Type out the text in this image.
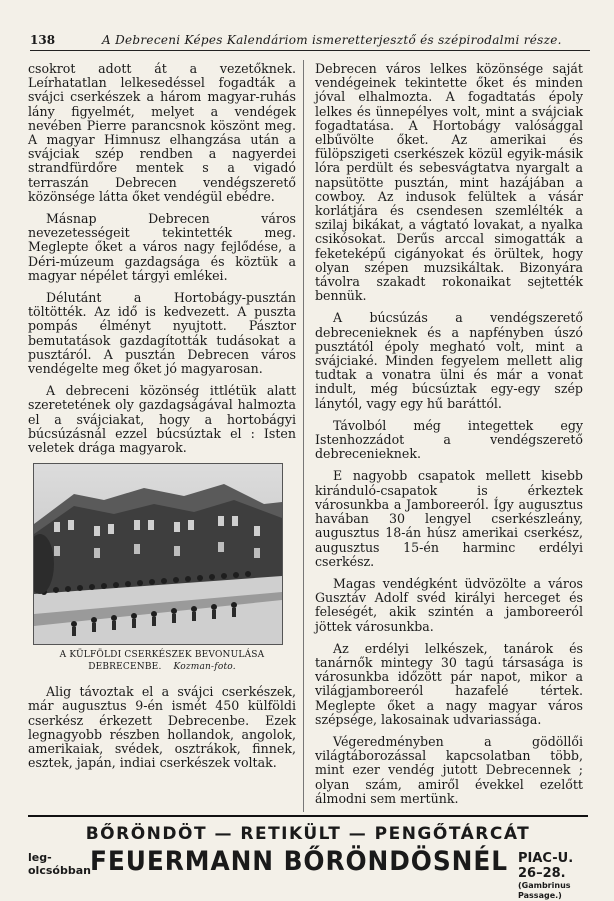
138	A Debreceni Képes Kalendáriom ismeretterjesztő és szépirodalmi része.

csokrot adott át a vezetőknek. Leírhatatlan lelkesedéssel fogadták a svájci cserkészek a három magyar-ruhás lány figyelmét, melyet a vendégek nevében Pierre parancsnok köszönt meg. A magyar Himnusz elhangzása után a svájciak szép rendben a nagyerdei strandfürdőre mentek s a vigadó terraszán Debrecen vendégszerető közönsége látta őket vendégül ebédre.

Másnap Debrecen város nevezetességeit tekintették meg. Meglepte őket a város nagy fejlődése, a Déri-múzeum gazdagsága és köztük a magyar népélet tárgyi emlékei.

Délutánt a Hortobágy-pusztán töltötték. Az idő is kedvezett. A puszta pompás élményt nyujtott. Pásztor bemutatások gazdagították tudásokat a pusztáról. A pusztán Debrecen város vendégelte meg őket jó magyarosan.

A debreceni közönség ittlétük alatt szeretetének oly gazdagságával halmozta el a svájciakat, hogy a hortobágyi búcsúzásnál ezzel búcsúztak el : Isten veletek drága magyarok.

A KÜLFÖLDI CSERKÉSZEK BEVONULÁSA
DEBRECENBE. Kozman-foto.

Alig távoztak el a svájci cserkészek, már augusztus 9-én ismét 450 külföldi cserkész érkezett Debrecenbe. Ezek legnagyobb részben hollandok, angolok, amerikaiak, svédek, osztrákok, finnek, esztek, japán, indiai cserkészek voltak.

Debrecen város lelkes közönsége saját vendégeinek tekintette őket és minden jóval elhalmozta. A fogadtatás époly lelkes és ünnepélyes volt, mint a svájciak fogadtatása. A Hortobágy valósággal elbűvölte őket. Az amerikai és fülöpszigeti cserkészek közül egyik-másik lóra perdült és sebesvágtatva nyargalt a napsütötte pusztán, mint hazájában a cowboy. Az indusok felültek a vásár korlátjára és csendesen szemlélték a szilaj bikákat, a vágtató lovakat, a nyalka csikósokat. Derűs arccal simogatták a feketeképű cigányokat és örültek, hogy olyan szépen muzsikáltak. Bizonyára távolra szakadt rokonaikat sejtették bennük.

A búcsúzás a vendégszerető debrecenieknek és a napfényben úszó pusztától époly megható volt, mint a svájciaké. Minden fegyelem mellett alig tudtak a vonatra ülni és már a vonat indult, még búcsúztak egy-egy szép lánytól, vagy egy hű baráttól.

Távolból még integettek egy Istenhozzádot a vendégszerető debrecenieknek.

E nagyobb csapatok mellett kisebb kiránduló-csapatok is érkeztek városunkba a Jamboreeról. Így augusztus havában 30 lengyel cserkészleány, augusztus 18-án húsz amerikai cserkész, augusztus 15-én harminc erdélyi cserkész.

Magas vendégként üdvözölte a város Gusztáv Adolf svéd királyi herceget és feleségét, akik szintén a jamboreeról jöttek városunkba.

Az erdélyi lelkészek, tanárok és tanárnők mintegy 30 tagú társasága is városunkba időzött pár napot, mikor a világjamboreeról hazafelé tértek. Meglepte őket a nagy magyar város szépsége, lakosainak udvariassága.

Végeredményben a gödöllői világtáborozással kapcsolatban több, mint ezer vendég jutott Debrecennek ; olyan szám, amiről évekkel ezelőtt álmodni sem mertünk.

BŐRÖNDÖT — RETIKÜLT — PENGŐTÁRCÁT
leg-
olcsóbban FEUERMANN BŐRÖNDÖSNÉL PIAC-U. 26–28.
(Gambrinus Passage.)
